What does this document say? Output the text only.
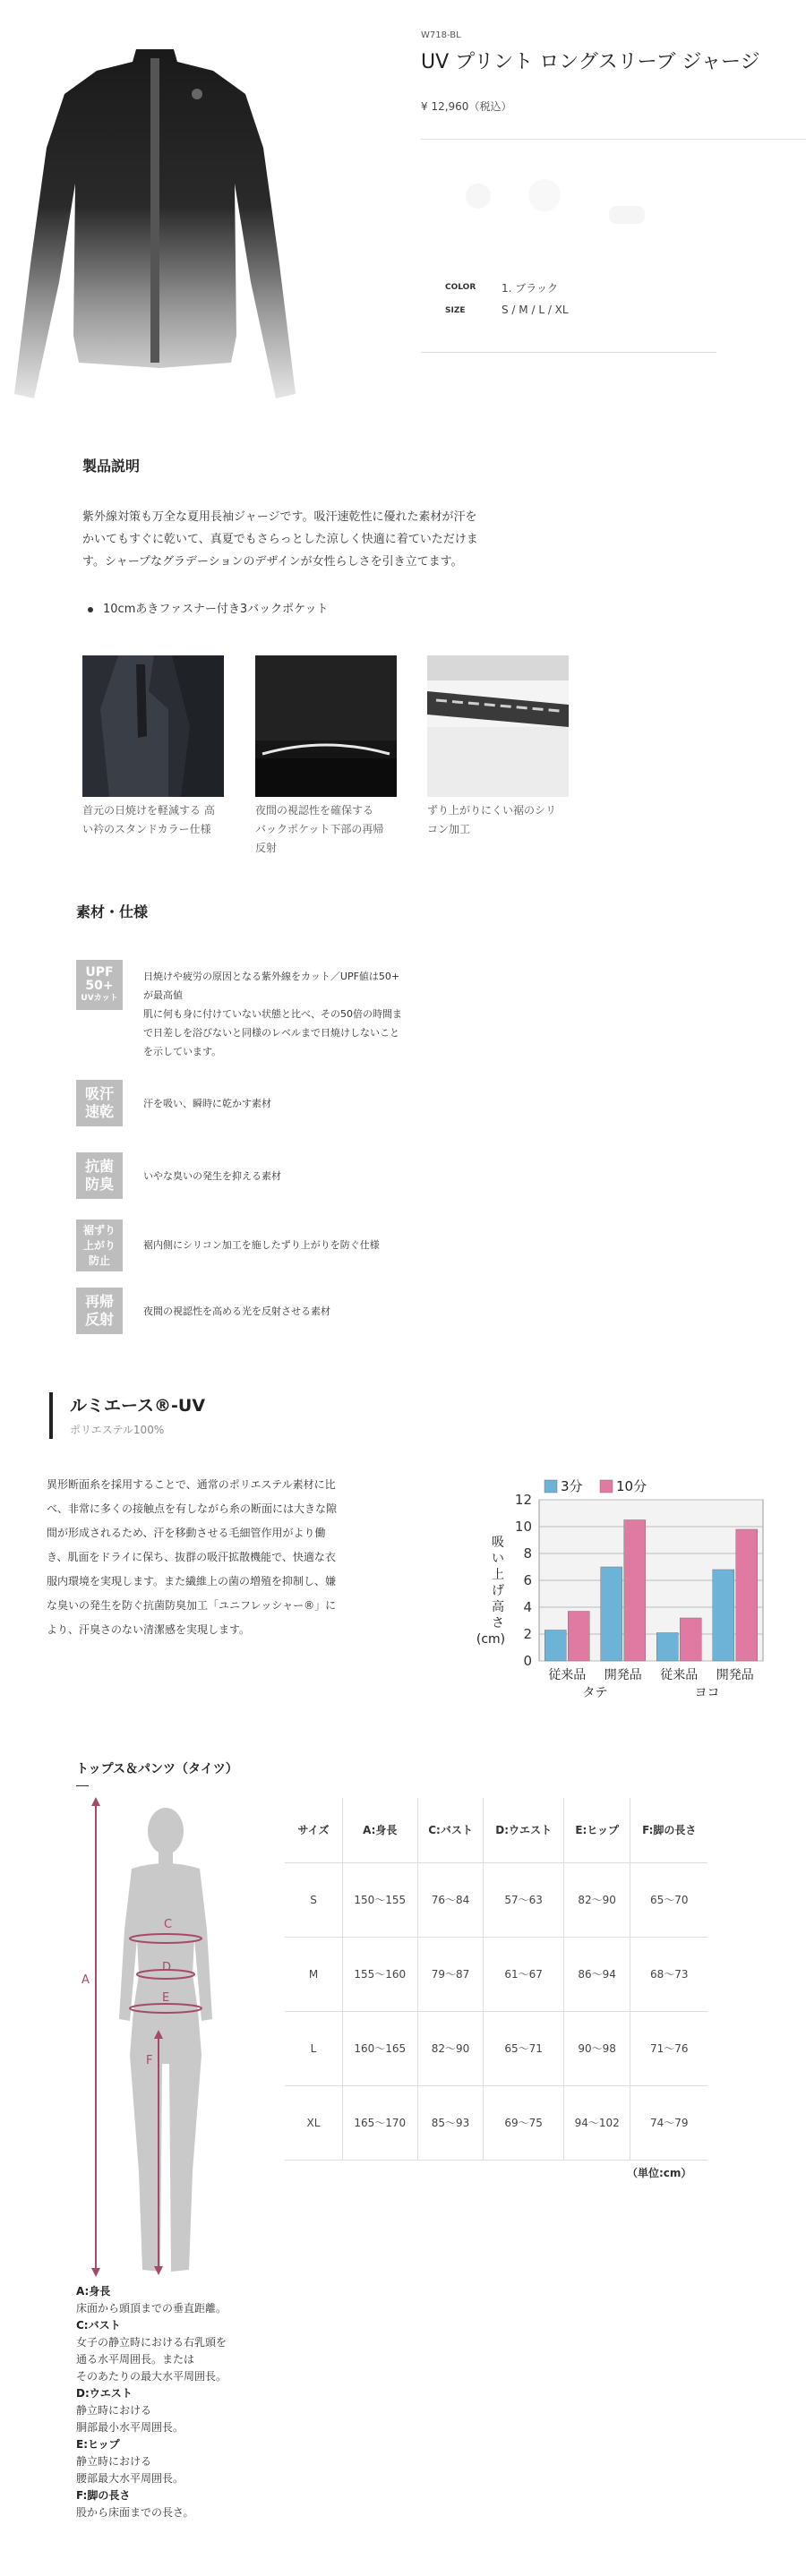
W718-BL
UV プリント ロングスリーブ ジャージ
¥ 12,960（税込）
COLOR 1. ブラック
SIZE	S / M / L / XL
製品説明
紫外線対策も万全な夏用長袖ジャージです。吸汗速乾性に優れた素材が汗を
かいてもすぐに乾いて、真夏でもさらっとした涼しく快適に着ていただけま
す。シャープなグラデーションのデザインが女性らしさを引き立てます。
10cmあきファスナー付き3バックポケット
首元の日焼けを軽減する 高
い衿のスタンドカラー仕様
夜間の視認性を確保する
バックポケット下部の再帰
反射
ずり上がりにくい裾のシリ
コン加工
素材・仕様
UPF
50+
UVカット
日焼けや疲労の原因となる紫外線をカット／UPF値は50+
が最高値
肌に何も身に付けていない状態と比べ、その50倍の時間ま
で日差しを浴びないと同様のレベルまで日焼けしないこと
を示しています。
吸汗
速乾	汗を吸い、瞬時に乾かす素材
抗菌
防臭	いやな臭いの発生を抑える素材
裾ずり
上がり
防止
裾内側にシリコン加工を施したずり上がりを防ぐ仕様
再帰
反射	夜間の視認性を高める光を反射させる素材
ルミエース®-UV
ポリエステル100%
異形断面糸を採用することで、通常のポリエステル素材に比
べ、非常に多くの接触点を有しながら糸の断面には大きな隙
間が形成されるため、汗を移動させる毛細管作用がより働
き、肌面をドライに保ち、抜群の吸汗拡散機能で、快適な衣
服内環境を実現します。また繊維上の菌の増殖を抑制し、嫌
な臭いの発生を防ぐ抗菌防臭加工「ユニフレッシャー®」に
より、汗臭さのない清潔感を実現します。
0
2
4
6
8
10
12
吸
い
上
げ
高
さ
(cm)
従来品 開発品 従来品 開発品
タテ	ヨコ
3分 10分
トップス＆パンツ（タイツ）
A
C
D
E
F
サイズ	A:身長	C:バスト	D:ウエスト	E:ヒップ	F:脚の長さ
S	150〜155	76〜84	57〜63	82〜90	65〜70
M	155〜160	79〜87	61〜67	86〜94	68〜73
L	160〜165	82〜90	65〜71	90〜98	71〜76
XL	165〜170	85〜93	69〜75	94〜102	74〜79
（単位:cm）
A:身長
床面から頭頂までの垂直距離。
C:バスト
女子の静立時における右乳頭を
通る水平周囲長。または
そのあたりの最大水平周囲長。
D:ウエスト
静立時における
胴部最小水平周囲長。
E:ヒップ
静立時における
腰部最大水平周囲長。
F:脚の長さ
股から床面までの長さ。
